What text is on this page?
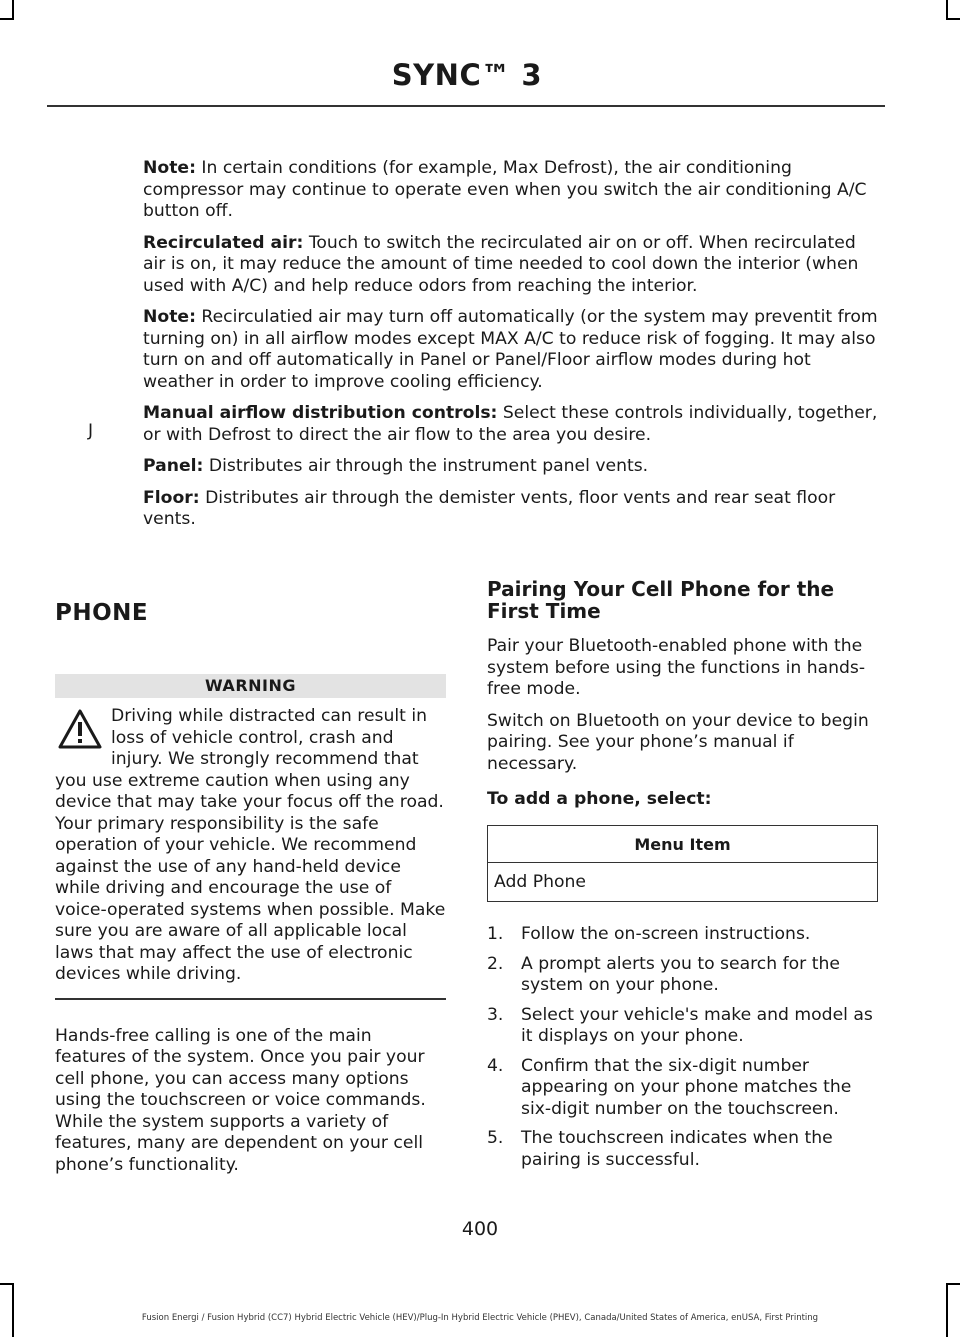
SYNC™ 3

Note: In certain conditions (for example, Max Defrost), the air conditioning compressor may continue to operate even when you switch the air conditioning A/C button off.

Recirculated air: Touch to switch the recirculated air on or off. When recirculated air is on, it may reduce the amount of time needed to cool down the interior (when used with A/C) and help reduce odors from reaching the interior.

Note: Recirculatied air may turn off automatically (or the system may preventit from turning on) in all airflow modes except MAX A/C to reduce risk of fogging. It may also turn on and off automatically in Panel or Panel/Floor airflow modes during hot weather in order to improve cooling efficiency.

Manual airflow distribution controls: Select these controls individually, together, or with Defrost to direct the air flow to the area you desire.

Panel: Distributes air through the instrument panel vents.

Floor: Distributes air through the demister vents, floor vents and rear seat floor vents.

J
PHONE
WARNING
Driving while distracted can result in loss of vehicle control, crash and injury. We strongly recommend that you use extreme caution when using any device that may take your focus off the road. Your primary responsibility is the safe operation of your vehicle. We recommend against the use of any hand-held device while driving and encourage the use of voice-operated systems when possible. Make sure you are aware of all applicable local laws that may affect the use of electronic devices while driving.

Hands-free calling is one of the main features of the system. Once you pair your cell phone, you can access many options using the touchscreen or voice commands. While the system supports a variety of features, many are dependent on your cell phone’s functionality.

Pairing Your Cell Phone for the First Time

Pair your Bluetooth-enabled phone with the system before using the functions in hands-free mode.

Switch on Bluetooth on your device to begin pairing. See your phone’s manual if necessary.

To add a phone, select:

Menu Item
Add Phone
1.	Follow the on-screen instructions.
2.	A prompt alerts you to search for the system on your phone.
3.	Select your vehicle's make and model as it displays on your phone.
4.	Confirm that the six-digit number appearing on your phone matches the six-digit number on the touchscreen.
5.	The touchscreen indicates when the pairing is successful.
400
Fusion Energi / Fusion Hybrid (CC7) Hybrid Electric Vehicle (HEV)/Plug-In Hybrid Electric Vehicle (PHEV), Canada/United States of America, enUSA, First Printing
